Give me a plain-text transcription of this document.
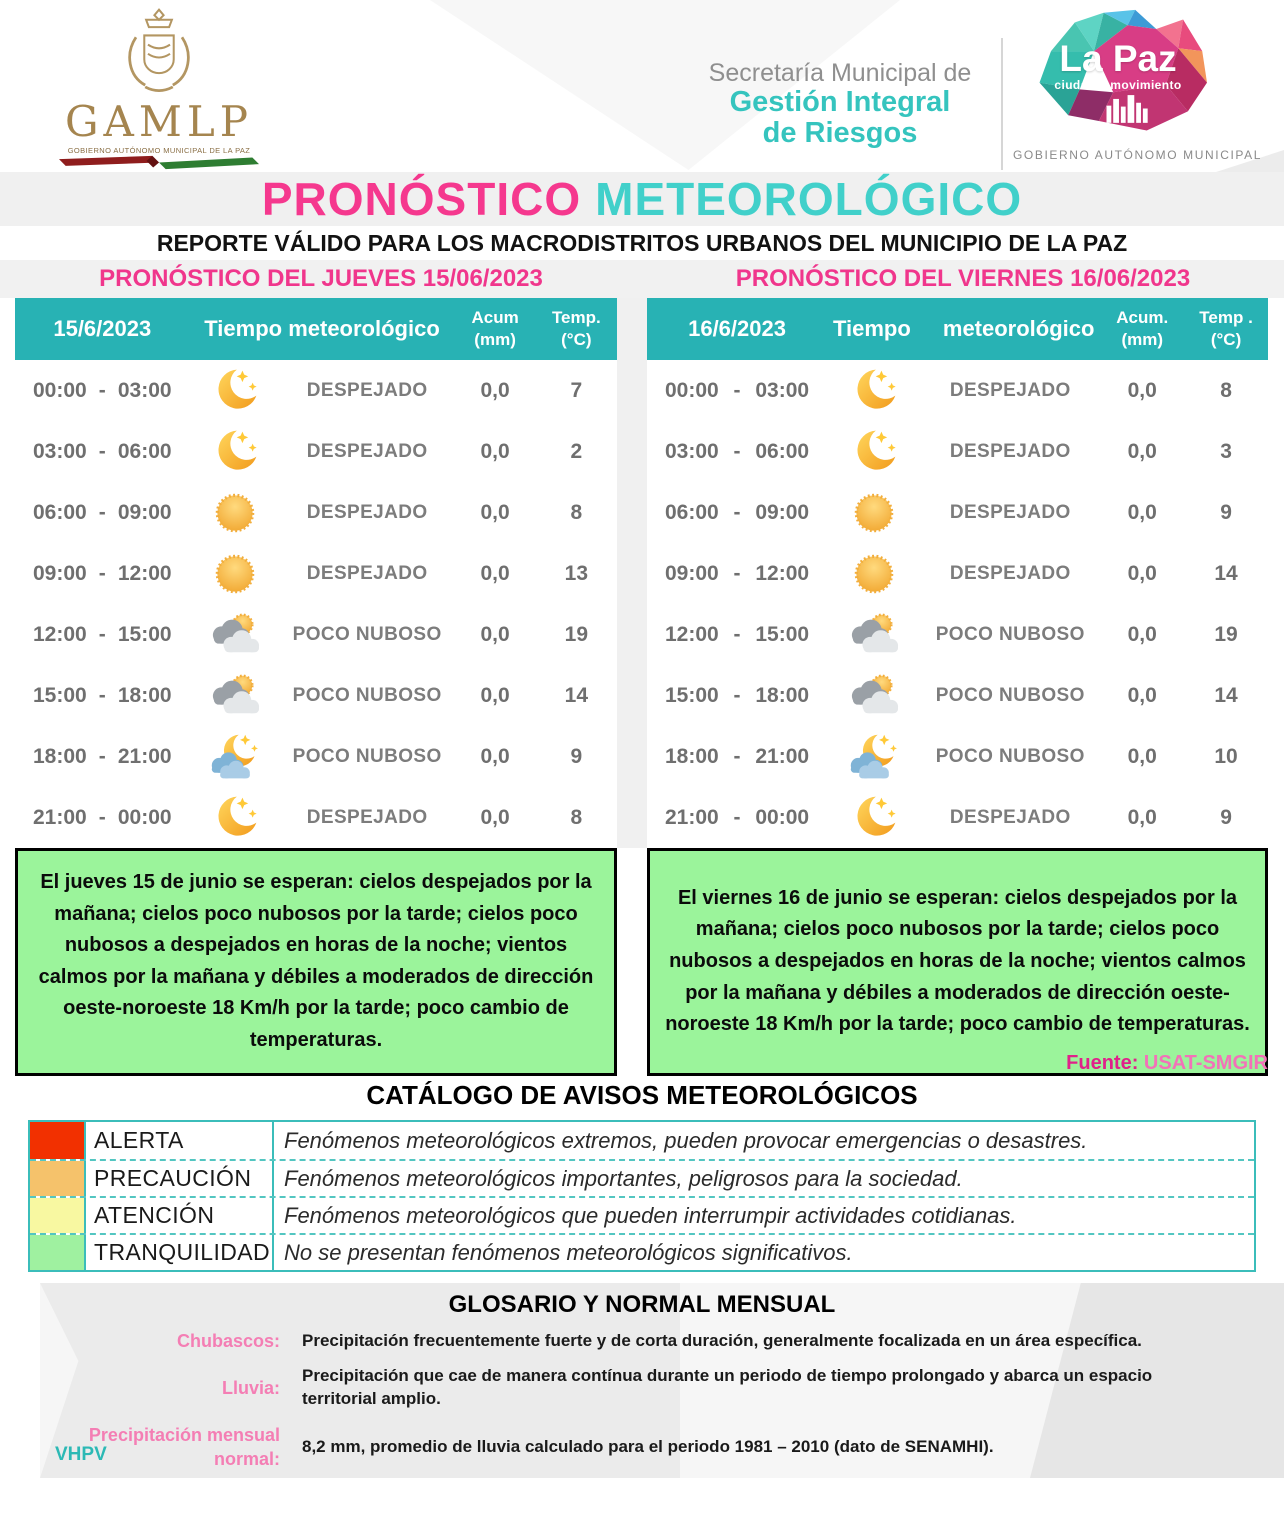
GAMLP
GOBIERNO AUTÓNOMO MUNICIPAL DE LA PAZ
Secretaría Municipal de
Gestión Integral
de Riesgos
La Paz
ciudadenmovimiento
GOBIERNO AUTÓNOMO MUNICIPAL
PRONÓSTICO METEOROLÓGICO
REPORTE VÁLIDO PARA LOS MACRODISTRITOS URBANOS DEL MUNICIPIO DE LA PAZ
PRONÓSTICO DEL JUEVES 15/06/2023	PRONÓSTICO DEL VIERNES 16/06/2023
15/6/2023	Tiempo meteorológico	Acum
(mm)
Temp.
(°C)
00:00 - 03:00	DESPEJADO	0,0	7
03:00 - 06:00	DESPEJADO	0,0	2
06:00 - 09:00	DESPEJADO	0,0	8
09:00 - 12:00	DESPEJADO	0,0	13
12:00 - 15:00	POCO NUBOSO	0,0	19
15:00 - 18:00	POCO NUBOSO	0,0	14
18:00 - 21:00	POCO NUBOSO	0,0	9
21:00 - 00:00	DESPEJADO	0,0	8
16/6/2023	Tiempo meteorológico	Acum.
(mm)
Temp .
(°C)
00:00 - 03:00	DESPEJADO	0,0	8
03:00 - 06:00	DESPEJADO	0,0	3
06:00 - 09:00	DESPEJADO	0,0	9
09:00 - 12:00	DESPEJADO	0,0	14
12:00 - 15:00	POCO NUBOSO	0,0	19
15:00 - 18:00	POCO NUBOSO	0,0	14
18:00 - 21:00	POCO NUBOSO	0,0	10
21:00 - 00:00	DESPEJADO	0,0	9
El jueves 15 de junio se esperan: cielos despejados por la mañana; cielos poco nubosos por la tarde; cielos poco nubosos a despejados en horas de la noche; vientos calmos por la mañana y débiles a moderados de dirección oeste-noroeste 18 Km/h por la tarde; poco cambio de temperaturas.
El viernes 16 de junio se esperan: cielos despejados por la mañana; cielos poco nubosos por la tarde; cielos poco nubosos a despejados en horas de la noche; vientos calmos por la mañana y débiles a moderados de dirección oeste-noroeste 18 Km/h por la tarde; poco cambio de temperaturas.
Fuente: USAT-SMGIR
CATÁLOGO DE AVISOS METEOROLÓGICOS
ALERTA	Fenómenos meteorológicos extremos, pueden provocar emergencias o desastres.
PRECAUCIÓN	Fenómenos meteorológicos importantes, peligrosos para la sociedad.
ATENCIÓN	Fenómenos meteorológicos que pueden interrumpir actividades cotidianas.
TRANQUILIDAD No se presentan fenómenos meteorológicos significativos.
GLOSARIO Y NORMAL MENSUAL
Chubascos: Precipitación frecuentemente fuerte y de corta duración, generalmente focalizada en un área específica.
Lluvia:
Precipitación que cae de manera contínua durante un periodo de tiempo prolongado y abarca un espacio territorial amplio.
Precipitación mensual normal:
8,2 mm, promedio de lluvia calculado para el periodo 1981 – 2010 (dato de SENAMHI).
VHPV
